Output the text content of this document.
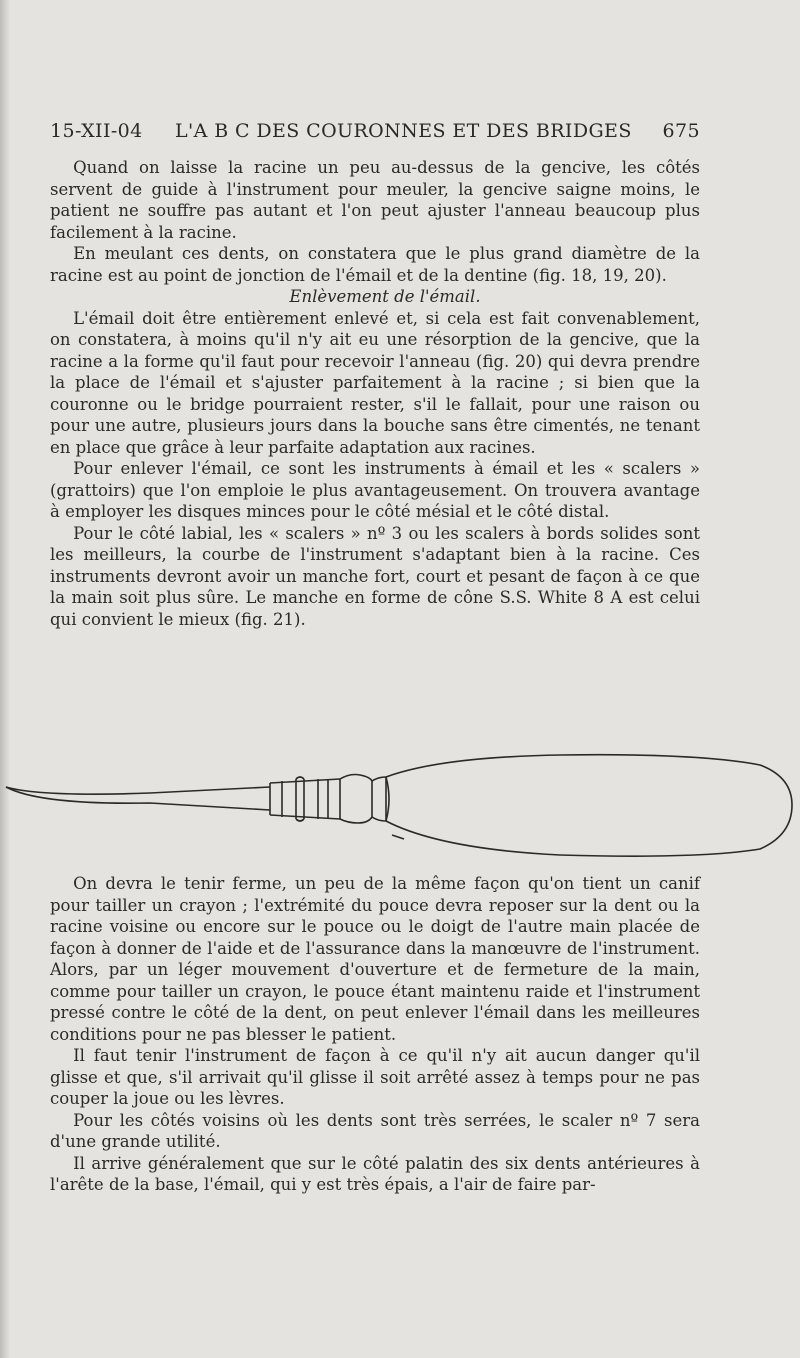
15-XII-04 L'A B C DES COURONNES ET DES BRIDGES 675

Quand on laisse la racine un peu au-dessus de la gencive, les côtés servent de guide à l'instrument pour meuler, la gencive saigne moins, le patient ne souffre pas autant et l'on peut ajuster l'anneau beaucoup plus facilement à la racine.

En meulant ces dents, on constatera que le plus grand diamètre de la racine est au point de jonction de l'émail et de la dentine (fig. 18, 19, 20).

Enlèvement de l'émail.

L'émail doit être entièrement enlevé et, si cela est fait convenablement, on constatera, à moins qu'il n'y ait eu une résorption de la gencive, que la racine a la forme qu'il faut pour recevoir l'anneau (fig. 20) qui devra prendre la place de l'émail et s'ajuster parfaitement à la racine ; si bien que la couronne ou le bridge pourraient rester, s'il le fallait, pour une raison ou pour une autre, plusieurs jours dans la bouche sans être cimentés, ne tenant en place que grâce à leur parfaite adaptation aux racines.

Pour enlever l'émail, ce sont les instruments à émail et les « scalers » (grattoirs) que l'on emploie le plus avantageusement. On trouvera avantage à employer les disques minces pour le côté mésial et le côté distal.

Pour le côté labial, les « scalers » nº 3 ou les scalers à bords solides sont les meilleurs, la courbe de l'instrument s'adaptant bien à la racine. Ces instruments devront avoir un manche fort, court et pesant de façon à ce que la main soit plus sûre. Le manche en forme de cône S.S. White 8 A est celui qui convient le mieux (fig. 21).

On devra le tenir ferme, un peu de la même façon qu'on tient un canif pour tailler un crayon ; l'extrémité du pouce devra reposer sur la dent ou la racine voisine ou encore sur le pouce ou le doigt de l'autre main placée de façon à donner de l'aide et de l'assurance dans la manœuvre de l'instrument. Alors, par un léger mouvement d'ouverture et de fermeture de la main, comme pour tailler un crayon, le pouce étant maintenu raide et l'instrument pressé contre le côté de la dent, on peut enlever l'émail dans les meilleures conditions pour ne pas blesser le patient.

Il faut tenir l'instrument de façon à ce qu'il n'y ait aucun danger qu'il glisse et que, s'il arrivait qu'il glisse il soit arrêté assez à temps pour ne pas couper la joue ou les lèvres.

Pour les côtés voisins où les dents sont très serrées, le scaler nº 7 sera d'une grande utilité.

Il arrive généralement que sur le côté palatin des six dents antérieures à l'arête de la base, l'émail, qui y est très épais, a l'air de faire par-
